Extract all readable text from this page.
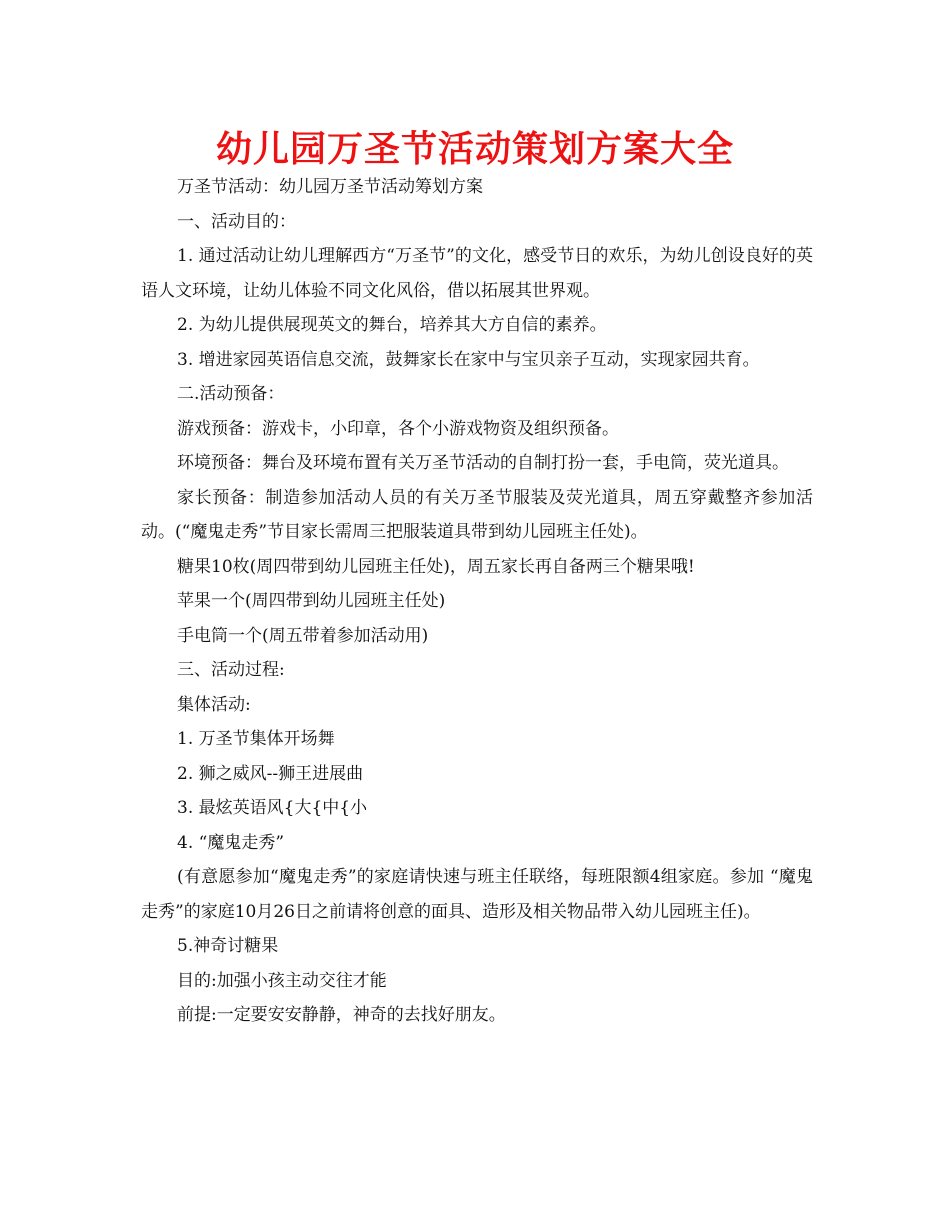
幼儿园万圣节活动策划方案大全

万圣节活动：幼儿园万圣节活动筹划方案

一、活动目的：

1. 通过活动让幼儿理解西方“万圣节”的文化，感受节日的欢乐，为幼儿创设良好的英语人文环境，让幼儿体验不同文化风俗，借以拓展其世界观。

2. 为幼儿提供展现英文的舞台，培养其大方自信的素养。

3. 增进家园英语信息交流，鼓舞家长在家中与宝贝亲子互动，实现家园共育。

二.活动预备：

游戏预备：游戏卡，小印章，各个小游戏物资及组织预备。

环境预备：舞台及环境布置有关万圣节活动的自制打扮一套，手电筒，荧光道具。

家长预备：制造参加活动人员的有关万圣节服装及荧光道具，周五穿戴整齐参加活动。(“魔鬼走秀”节目家长需周三把服装道具带到幼儿园班主任处)。

糖果10枚(周四带到幼儿园班主任处)，周五家长再自备两三个糖果哦!

苹果一个(周四带到幼儿园班主任处)

手电筒一个(周五带着参加活动用)

三、活动过程:

集体活动:

1. 万圣节集体开场舞

2. 狮之威风--狮王进展曲

3. 最炫英语风{大{中{小

4. “魔鬼走秀”

(有意愿参加“魔鬼走秀”的家庭请快速与班主任联络，每班限额4组家庭。参加 “魔鬼走秀”的家庭10月26日之前请将创意的面具、造形及相关物品带入幼儿园班主任)。

5.神奇讨糖果

目的:加强小孩主动交往才能

前提:一定要安安静静，神奇的去找好朋友。
